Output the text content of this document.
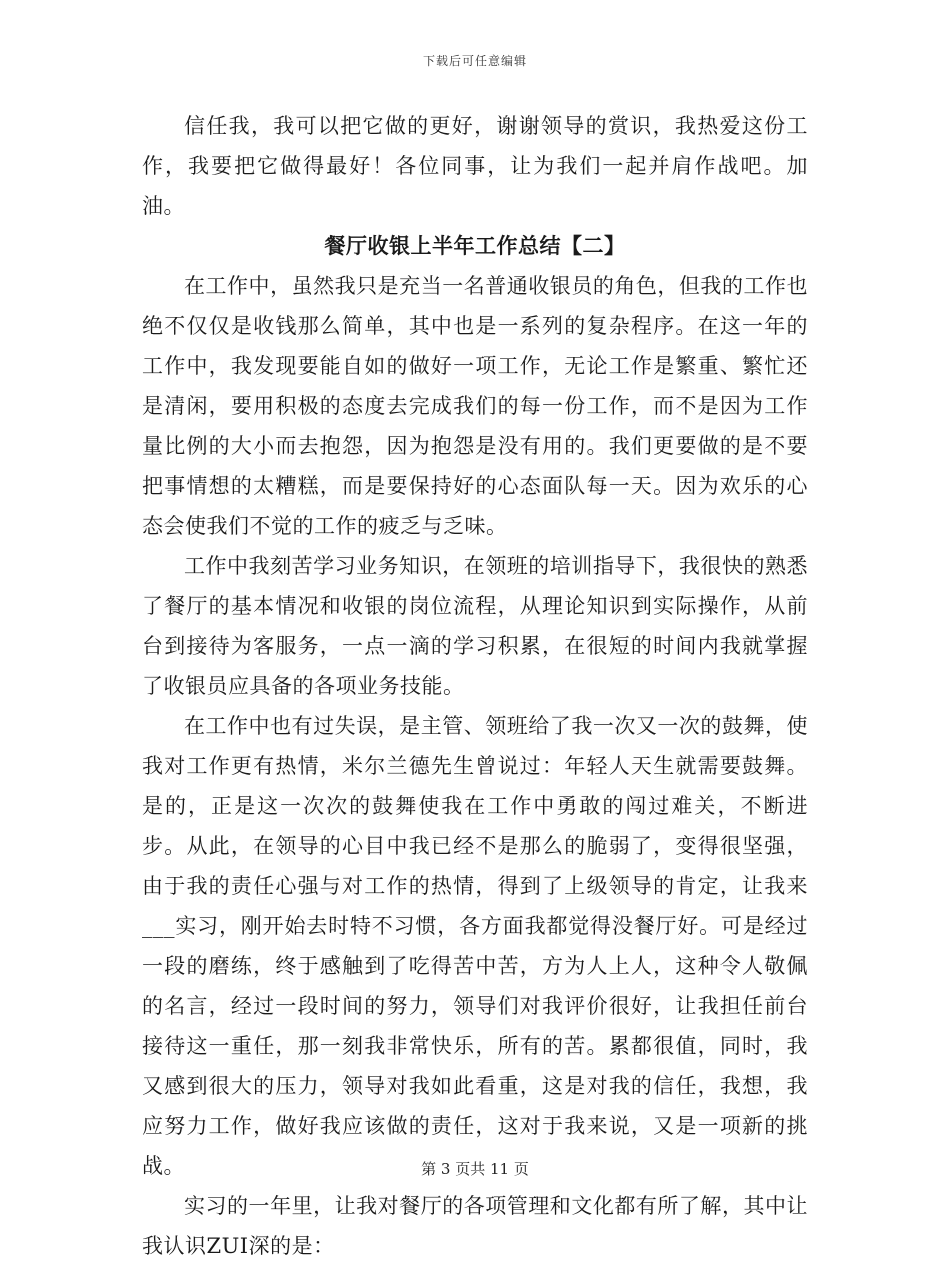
下载后可任意编辑

信任我，我可以把它做的更好，谢谢领导的赏识，我热爱这份工作，我要把它做得最好！各位同事，让为我们一起并肩作战吧。加油。

餐厅收银上半年工作总结【二】

在工作中，虽然我只是充当一名普通收银员的角色，但我的工作也绝不仅仅是收钱那么简单，其中也是一系列的复杂程序。在这一年的工作中，我发现要能自如的做好一项工作，无论工作是繁重、繁忙还是清闲，要用积极的态度去完成我们的每一份工作，而不是因为工作量比例的大小而去抱怨，因为抱怨是没有用的。我们更要做的是不要把事情想的太糟糕，而是要保持好的心态面队每一天。因为欢乐的心态会使我们不觉的工作的疲乏与乏味。

工作中我刻苦学习业务知识，在领班的培训指导下，我很快的熟悉了餐厅的基本情况和收银的岗位流程，从理论知识到实际操作，从前台到接待为客服务，一点一滴的学习积累，在很短的时间内我就掌握了收银员应具备的各项业务技能。

在工作中也有过失误，是主管、领班给了我一次又一次的鼓舞，使我对工作更有热情，米尔兰德先生曾说过：年轻人天生就需要鼓舞。是的，正是这一次次的鼓舞使我在工作中勇敢的闯过难关，不断进步。从此，在领导的心目中我已经不是那么的脆弱了，变得很坚强，由于我的责任心强与对工作的热情，得到了上级领导的肯定，让我来___实习，刚开始去时特不习惯，各方面我都觉得没餐厅好。可是经过一段的磨练，终于感触到了吃得苦中苦，方为人上人，这种令人敬佩的名言，经过一段时间的努力，领导们对我评价很好，让我担任前台接待这一重任，那一刻我非常快乐，所有的苦。累都很值，同时，我又感到很大的压力，领导对我如此看重，这是对我的信任，我想，我应努力工作，做好我应该做的责任，这对于我来说，又是一项新的挑战。

实习的一年里，让我对餐厅的各项管理和文化都有所了解，其中让我认识ZUI深的是：

第 3 页共 11 页
